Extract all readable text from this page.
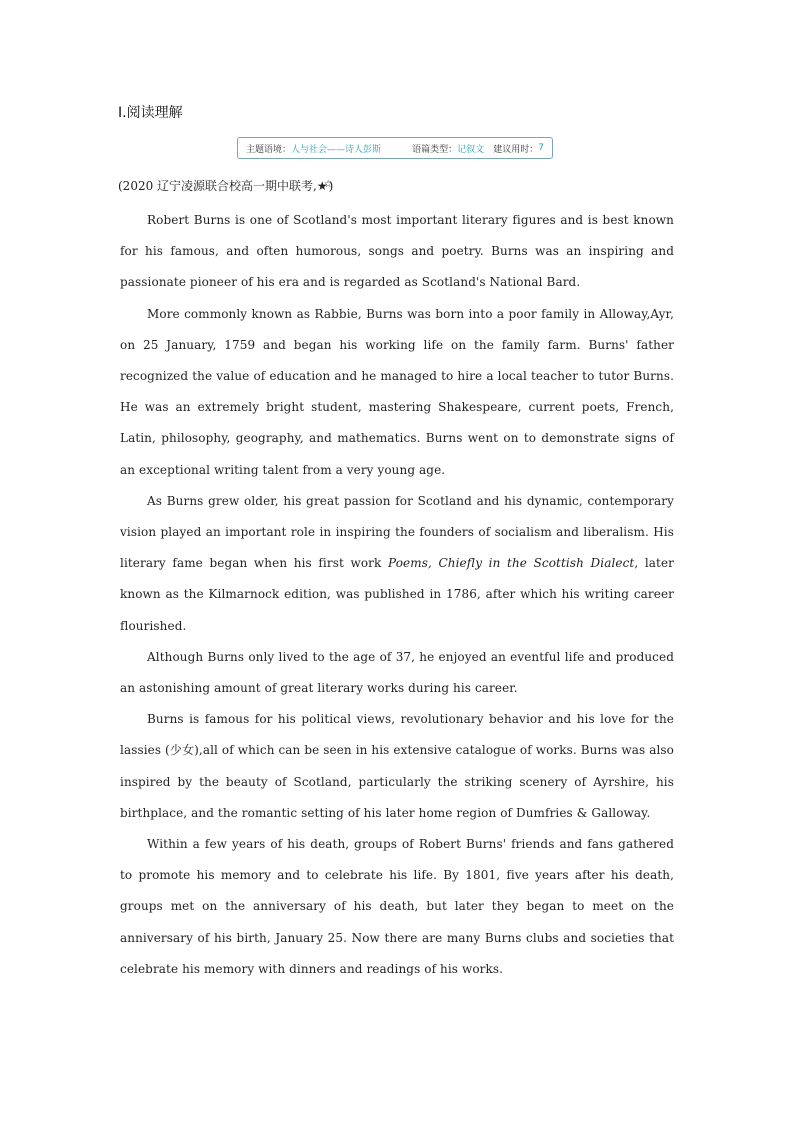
Ⅰ.阅读理解
主题语境： 人与社会——诗人彭斯	语篇类型： 记叙文 建议用时： 7
(2020 辽宁凌源联合校高一期中联考,★☆)

Robert Burns is one of Scotland's most important literary figures and is best known for his famous, and often humorous, songs and poetry. Burns was an inspiring and passionate pioneer of his era and is regarded as Scotland's National Bard.

More commonly known as Rabbie, Burns was born into a poor family in Alloway,Ayr, on 25 January, 1759 and began his working life on the family farm. Burns' father recognized the value of education and he managed to hire a local teacher to tutor Burns. He was an extremely bright student, mastering Shakespeare, current poets, French, Latin, philosophy, geography, and mathematics. Burns went on to demonstrate signs of an exceptional writing talent from a very young age.

As Burns grew older, his great passion for Scotland and his dynamic, contemporary vision played an important role in inspiring the founders of socialism and liberalism. His literary fame began when his first work Poems, Chiefly in the Scottish Dialect, later known as the Kilmarnock edition, was published in 1786, after which his writing career flourished.

Although Burns only lived to the age of 37, he enjoyed an eventful life and produced an astonishing amount of great literary works during his career.

Burns is famous for his political views, revolutionary behavior and his love for the lassies (少女),all of which can be seen in his extensive catalogue of works. Burns was also inspired by the beauty of Scotland, particularly the striking scenery of Ayrshire, his birthplace, and the romantic setting of his later home region of Dumfries & Galloway.

Within a few years of his death, groups of Robert Burns' friends and fans gathered to promote his memory and to celebrate his life. By 1801, five years after his death, groups met on the anniversary of his death, but later they began to meet on the anniversary of his birth, January 25. Now there are many Burns clubs and societies that celebrate his memory with dinners and readings of his works.
